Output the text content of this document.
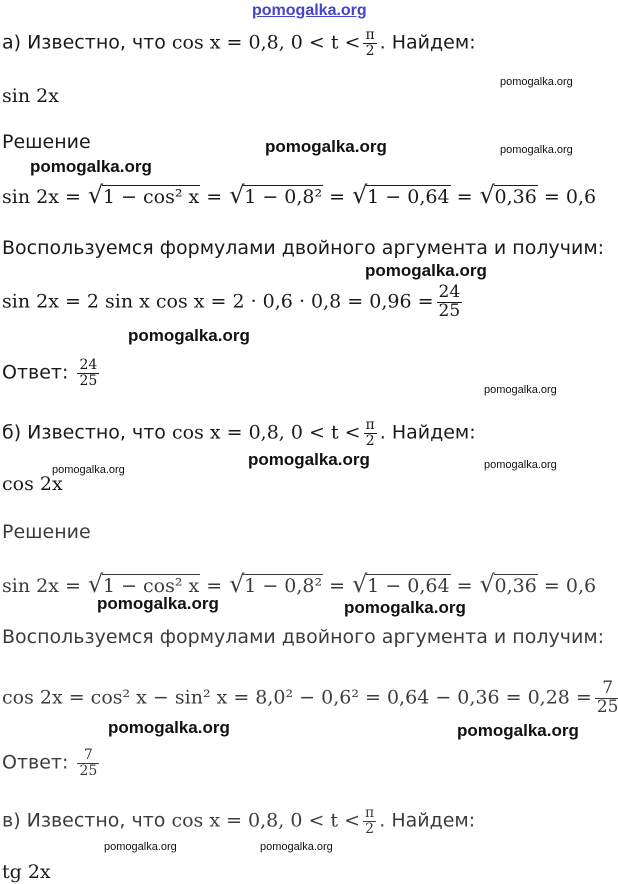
pomogalka.org
pomogalka.org
pomogalka.org	pomogalka.org
pomogalka.org
pomogalka.org
pomogalka.org
pomogalka.org
pomogalka.org
pomogalka.org	pomogalka.org
pomogalka.org	pomogalka.org
pomogalka.org	pomogalka.org
pomogalka.org	pomogalka.org
а) Известно, что cos x = 0,8, $0 < t < \frac{\pi}{2}$ . Найдем:
sin 2x
Решение
sin 2x = √ 1 − cos² x = √ 1 − 0,8² = √ 1 − 0,64 = √ 0,36 = 0,6
Воспользуемся формулами двойного аргумента и получим:
sin 2x = 2 sin x $\cos x = 2 \cdot 0,6 \cdot 0,8 = 0,96 = \frac{24}{25}$
Ответ: $\frac{24}{25}$
б) Известно, что cos x = 0,8, $0 < t < \frac{\pi}{2}$ . Найдем:
cos 2x
Решение
sin 2x = √ 1 − cos² x = √ 1 − 0,8² = √ 1 − 0,64 = √ 0,36 = 0,6
Воспользуемся формулами двойного аргумента и получим:
cos 2x = cos² x − sin² $x = 8,0^2 - 0,6^2 = 0,64 - 0,36 = 0,28 = \frac{7}{25}$
Ответ: $\frac{7}{25}$
в) Известно, что cos x = 0,8, $0 < t < \frac{\pi}{2}$ . Найдем:
tg 2x
